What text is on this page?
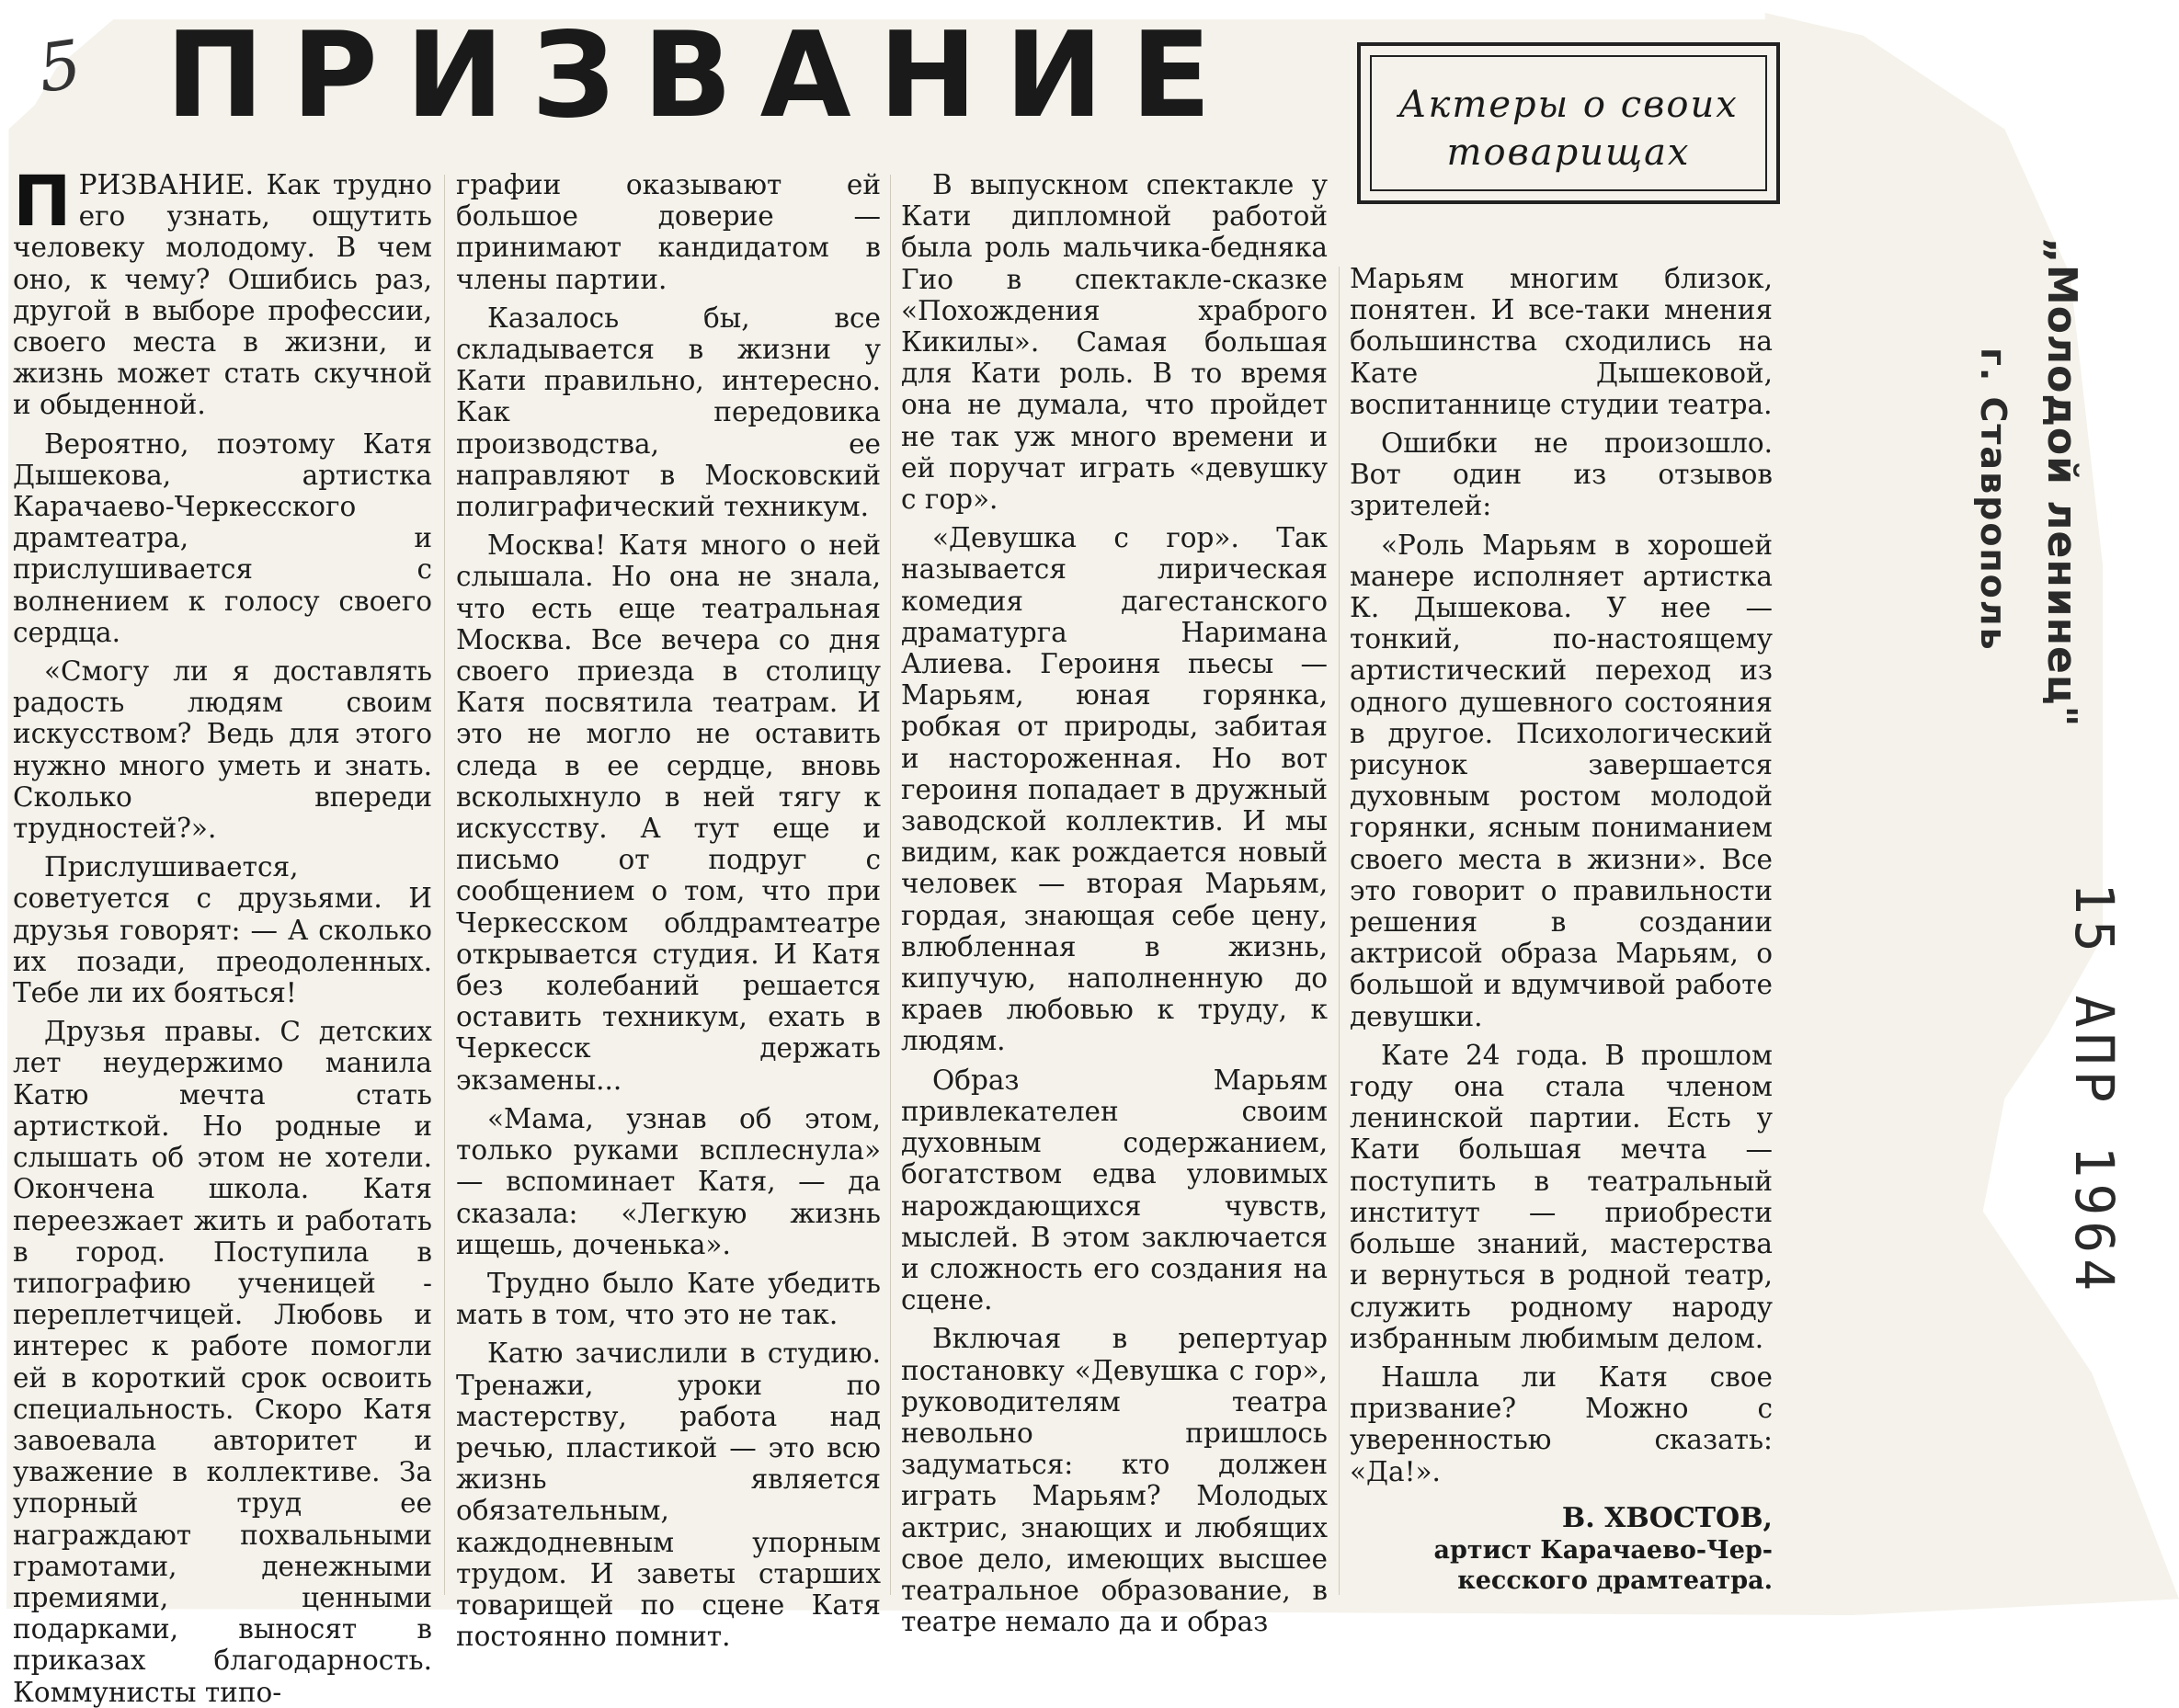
5 ПРИЗВАНИЕ	Актеры о своих
товарищах

ПРИЗВАНИЕ. Как трудно его узнать, ощутить человеку молодому. В чем оно, к чему? Ошибись раз, другой в выборе профессии, своего места в жизни, и жизнь может стать скучной и обыденной.

Вероятно, поэтому Катя Дышекова, артистка Карачаево-Черкесского драмтеатра, и прислушивается с волнением к голосу своего сердца.

«Смогу ли я доставлять радость людям своим искусством? Ведь для этого нужно много уметь и знать. Сколько впереди трудностей?».

Прислушивается, советуется с друзьями. И друзья говорят: — А сколько их позади, преодоленных. Тебе ли их бояться!

Друзья правы. С детских лет неудержимо манила Катю мечта стать артисткой. Но родные и слышать об этом не хотели. Окончена школа. Катя переезжает жить и работать в город. Поступила в типографию ученицей - переплетчицей. Любовь и интерес к работе помогли ей в короткий срок освоить специальность. Скоро Катя завоевала авторитет и уважение в коллективе. За упорный труд ее награждают похвальными грамотами, денежными премиями, ценными подарками, выносят в приказах благодарность. Коммунисты типо-

графии оказывают ей большое доверие — принимают кандидатом в члены партии.

Казалось бы, все складывается в жизни у Кати правильно, интересно. Как передовика производства, ее направляют в Московский полиграфический техникум.

Москва! Катя много о ней слышала. Но она не знала, что есть еще театральная Москва. Все вечера со дня своего приезда в столицу Катя посвятила театрам. И это не могло не оставить следа в ее сердце, вновь всколыхнуло в ней тягу к искусству. А тут еще и письмо от подруг с сообщением о том, что при Черкесском облдрамтеатре открывается студия. И Катя без колебаний решается оставить техникум, ехать в Черкесск держать экзамены...

«Мама, узнав об этом, только руками всплеснула» — вспоминает Катя, — да сказала: «Легкую жизнь ищешь, доченька».

Трудно было Кате убедить мать в том, что это не так.

Катю зачислили в студию. Тренажи, уроки по мастерству, работа над речью, пластикой — это всю жизнь является обязательным, каждодневным упорным трудом. И заветы старших товарищей по сцене Катя постоянно помнит.

В выпускном спектакле у Кати дипломной работой была роль мальчика-бедняка Гио в спектакле-сказке «Похождения храброго Кикилы». Самая большая для Кати роль. В то время она не думала, что пройдет не так уж много времени и ей поручат играть «девушку с гор».

«Девушка с гор». Так называется лирическая комедия дагестанского драматурга Наримана Алиева. Героиня пьесы — Марьям, юная горянка, робкая от природы, забитая и настороженная. Но вот героиня попадает в дружный заводской коллектив. И мы видим, как рождается новый человек — вторая Марьям, гордая, знающая себе цену, влюбленная в жизнь, кипучую, наполненную до краев любовью к труду, к людям.

Образ Марьям привлекателен своим духовным содержанием, богатством едва уловимых нарождающихся чувств, мыслей. В этом заключается и сложность его создания на сцене.

Включая в репертуар постановку «Девушка с гор», руководителям театра невольно пришлось задуматься: кто должен играть Марьям? Молодых актрис, знающих и любящих свое дело, имеющих высшее театральное образование, в театре немало да и образ

Марьям многим близок, понятен. И все-таки мнения большинства сходились на Кате Дышековой, воспитаннице студии театра.

Ошибки не произошло. Вот один из отзывов зрителей:

«Роль Марьям в хорошей манере исполняет артистка К. Дышекова. У нее — тонкий, по-настоящему артистический переход из одного душевного состояния в другое. Психологический рисунок завершается духовным ростом молодой горянки, ясным пониманием своего места в жизни». Все это говорит о правильности решения в создании актрисой образа Марьям, о большой и вдумчивой работе девушки.

Кате 24 года. В прошлом году она стала членом ленинской партии. Есть у Кати большая мечта — поступить в театральный институт — приобрести больше знаний, мастерства и вернуться в родной театр, служить родному народу избранным любимым делом.

Нашла ли Катя свое призвание? Можно с уверенностью сказать: «Да!».

В. ХВОСТОВ,
артист Карачаево-Чер-
кесского драмтеатра.
„Молодой ленинец"
г. Ставрополь
15 АПР 1964
